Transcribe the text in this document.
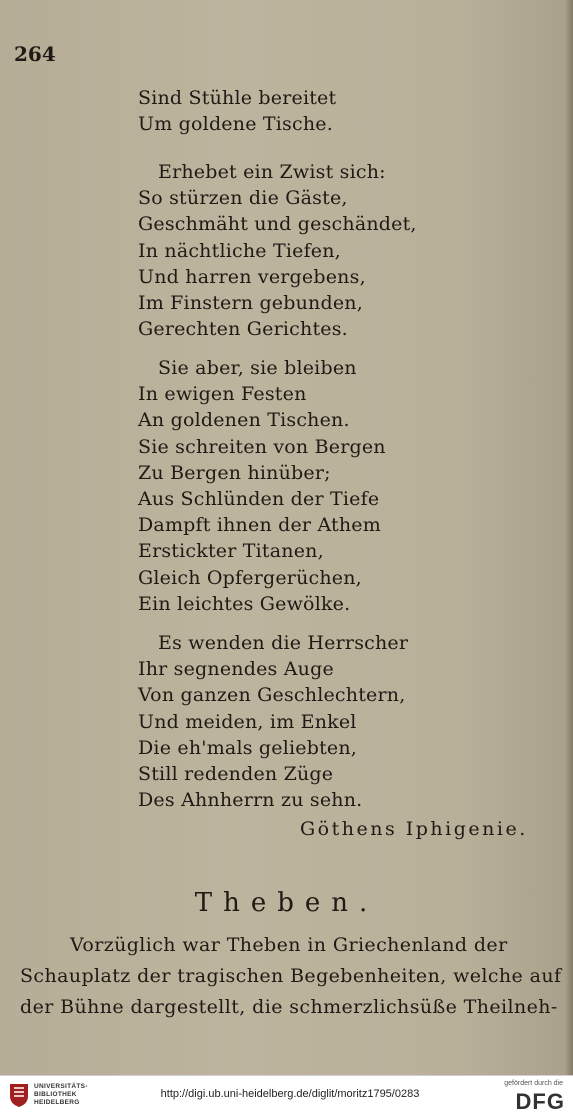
264
Sind Stühle bereitet
Um goldene Tische.
Erhebet ein Zwist sich:
So stürzen die Gäste,
Geschmäht und geschändet,
In nächtliche Tiefen,
Und harren vergebens,
Im Finstern gebunden,
Gerechten Gerichtes.
Sie aber, sie bleiben
In ewigen Festen
An goldenen Tischen.
Sie schreiten von Bergen
Zu Bergen hinüber;
Aus Schlünden der Tiefe
Dampft ihnen der Athem
Erstickter Titanen,
Gleich Opfergerüchen,
Ein leichtes Gewölke.
Es wenden die Herrscher
Ihr segnendes Auge
Von ganzen Geschlechtern,
Und meiden, im Enkel
Die eh'mals geliebten,
Still redenden Züge
Des Ahnherrn zu sehn.
Göthens Iphigenie.
Theben.
Vorzüglich war Theben in Griechenland der
Schauplatz der tragischen Begebenheiten, welche auf
der Bühne dargestellt, die schmerzlichsüße Theilneh-
UNIVERSITÄTS-
BIBLIOTHEK
HEIDELBERG
http://digi.ub.uni-heidelberg.de/diglit/moritz1795/0283
gefördert durch die
DFG
